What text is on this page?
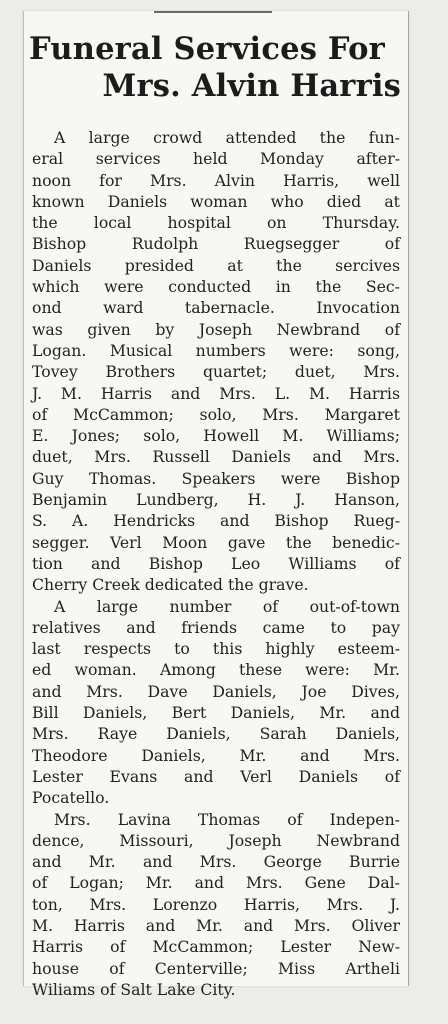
Funeral Services For
Mrs. Alvin Harris
A large crowd attended the fun-
eral services held Monday after-
noon for Mrs. Alvin Harris, well
known Daniels woman who died at
the local hospital on Thursday.
Bishop Rudolph Ruegsegger of
Daniels presided at the sercives
which were conducted in the Sec-
ond ward tabernacle. Invocation
was given by Joseph Newbrand of
Logan. Musical numbers were: song,
Tovey Brothers quartet; duet, Mrs.
J. M. Harris and Mrs. L. M. Harris
of McCammon; solo, Mrs. Margaret
E. Jones; solo, Howell M. Williams;
duet, Mrs. Russell Daniels and Mrs.
Guy Thomas. Speakers were Bishop
Benjamin Lundberg, H. J. Hanson,
S. A. Hendricks and Bishop Rueg-
segger. Verl Moon gave the benedic-
tion and Bishop Leo Williams of
Cherry Creek dedicated the grave.
A large number of out-of-town
relatives and friends came to pay
last respects to this highly esteem-
ed woman. Among these were: Mr.
and Mrs. Dave Daniels, Joe Dives,
Bill Daniels, Bert Daniels, Mr. and
Mrs. Raye Daniels, Sarah Daniels,
Theodore Daniels, Mr. and Mrs.
Lester Evans and Verl Daniels of
Pocatello.
Mrs. Lavina Thomas of Indepen-
dence, Missouri, Joseph Newbrand
and Mr. and Mrs. George Burrie
of Logan; Mr. and Mrs. Gene Dal-
ton, Mrs. Lorenzo Harris, Mrs. J.
M. Harris and Mr. and Mrs. Oliver
Harris of McCammon; Lester New-
house of Centerville; Miss Artheli
Wiliams of Salt Lake City.
